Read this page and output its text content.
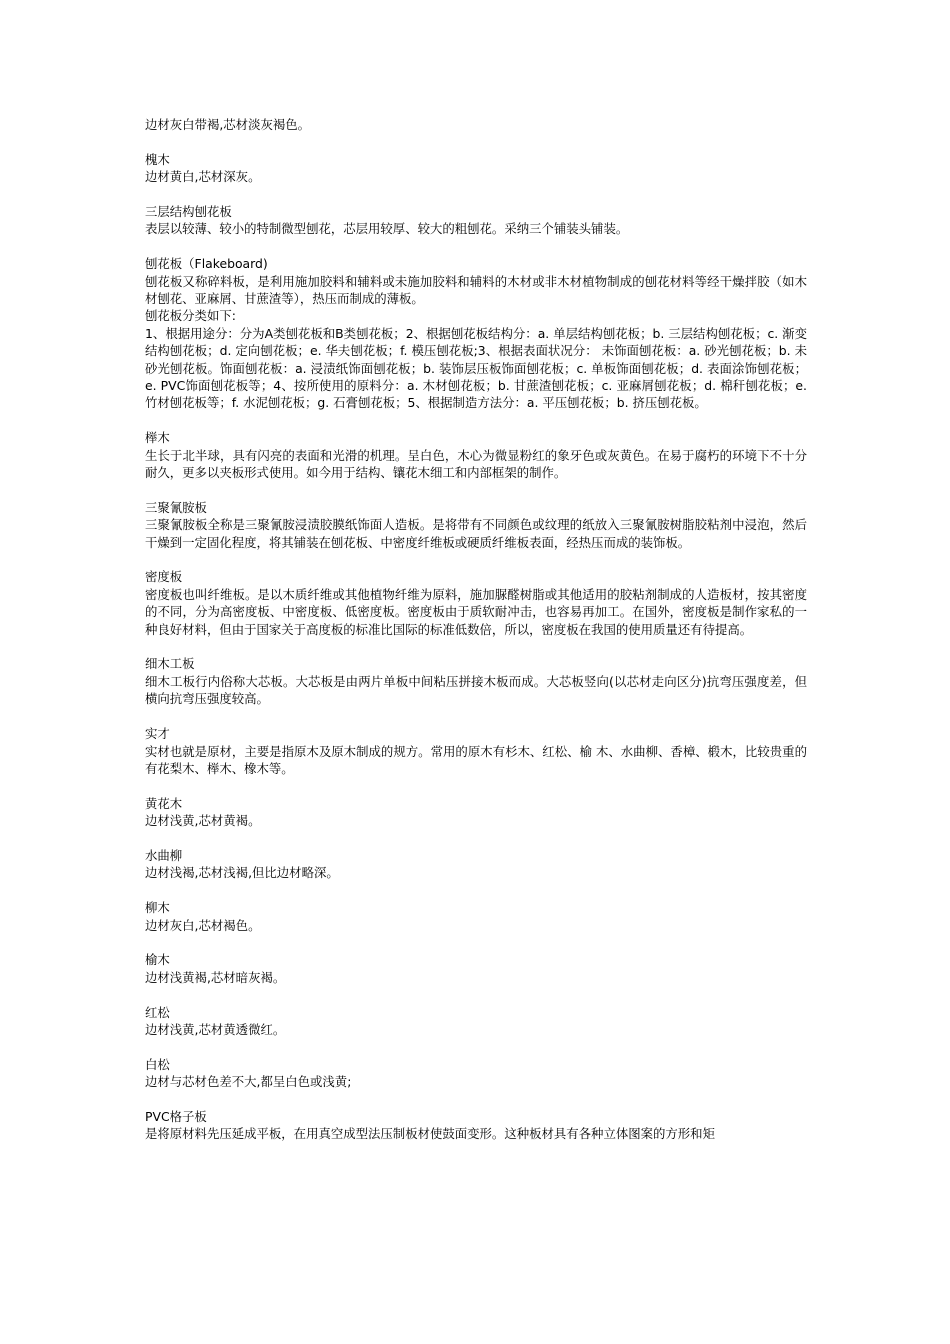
边材灰白带褐,芯材淡灰褐色。

槐木

边材黄白,芯材深灰。

三层结构刨花板

表层以较薄、较小的特制微型刨花，芯层用较厚、较大的粗刨花。采纳三个铺装头铺装。

刨花板（Flakeboard)

刨花板又称碎料板，是利用施加胶料和辅料或未施加胶料和辅料的木材或非木材植物制成的刨花材料等经干燥拌胶（如木材刨花、亚麻屑、甘蔗渣等），热压而制成的薄板。

刨花板分类如下:

1、根据用途分：分为A类刨花板和B类刨花板；2、根据刨花板结构分：a. 单层结构刨花板；b. 三层结构刨花板；c. 渐变结构刨花板；d. 定向刨花板；e. 华夫刨花板；f. 模压刨花板;3、根据表面状况分： 未饰面刨花板：a. 砂光刨花板；b. 未砂光刨花板。饰面刨花板：a. 浸渍纸饰面刨花板；b. 装饰层压板饰面刨花板；c. 单板饰面刨花板；d. 表面涂饰刨花板；e. PVC饰面刨花板等；4、按所使用的原料分：a. 木材刨花板；b. 甘蔗渣刨花板；c. 亚麻屑刨花板；d. 棉秆刨花板；e. 竹材刨花板等；f. 水泥刨花板；g. 石膏刨花板；5、根据制造方法分：a. 平压刨花板；b. 挤压刨花板。

榉木

生长于北半球，具有闪亮的表面和光滑的机理。呈白色，木心为微显粉红的象牙色或灰黄色。在易于腐朽的环境下不十分耐久，更多以夹板形式使用。如今用于结构、镶花木细工和内部框架的制作。

三聚氰胺板

三聚氰胺板全称是三聚氰胺浸渍胶膜纸饰面人造板。是将带有不同颜色或纹理的纸放入三聚氰胺树脂胶粘剂中浸泡，然后干燥到一定固化程度，将其铺装在刨花板、中密度纤维板或硬质纤维板表面，经热压而成的装饰板。

密度板

密度板也叫纤维板。是以木质纤维或其他植物纤维为原料，施加脲醛树脂或其他适用的胶粘剂制成的人造板材，按其密度的不同，分为高密度板、中密度板、低密度板。密度板由于质软耐冲击，也容易再加工。在国外，密度板是制作家私的一种良好材料，但由于国家关于高度板的标准比国际的标准低数倍，所以，密度板在我国的使用质量还有待提高。

细木工板

细木工板行内俗称大芯板。大芯板是由两片单板中间粘压拼接木板而成。大芯板竖向(以芯材走向区分)抗弯压强度差，但横向抗弯压强度较高。

实才

实材也就是原材，主要是指原木及原木制成的规方。常用的原木有杉木、红松、榆 木、水曲柳、香樟、椴木，比较贵重的有花梨木、榉木、橡木等。

黄花木

边材浅黄,芯材黄褐。

水曲柳

边材浅褐,芯材浅褐,但比边材略深。

柳木

边材灰白,芯材褐色。

榆木

边材浅黄褐,芯材暗灰褐。

红松

边材浅黄,芯材黄透微红。

白松

边材与芯材色差不大,都呈白色或浅黄;

PVC格子板

是将原材料先压延成平板，在用真空成型法压制板材使鼓面变形。这种板材具有各种立体图案的方形和矩
